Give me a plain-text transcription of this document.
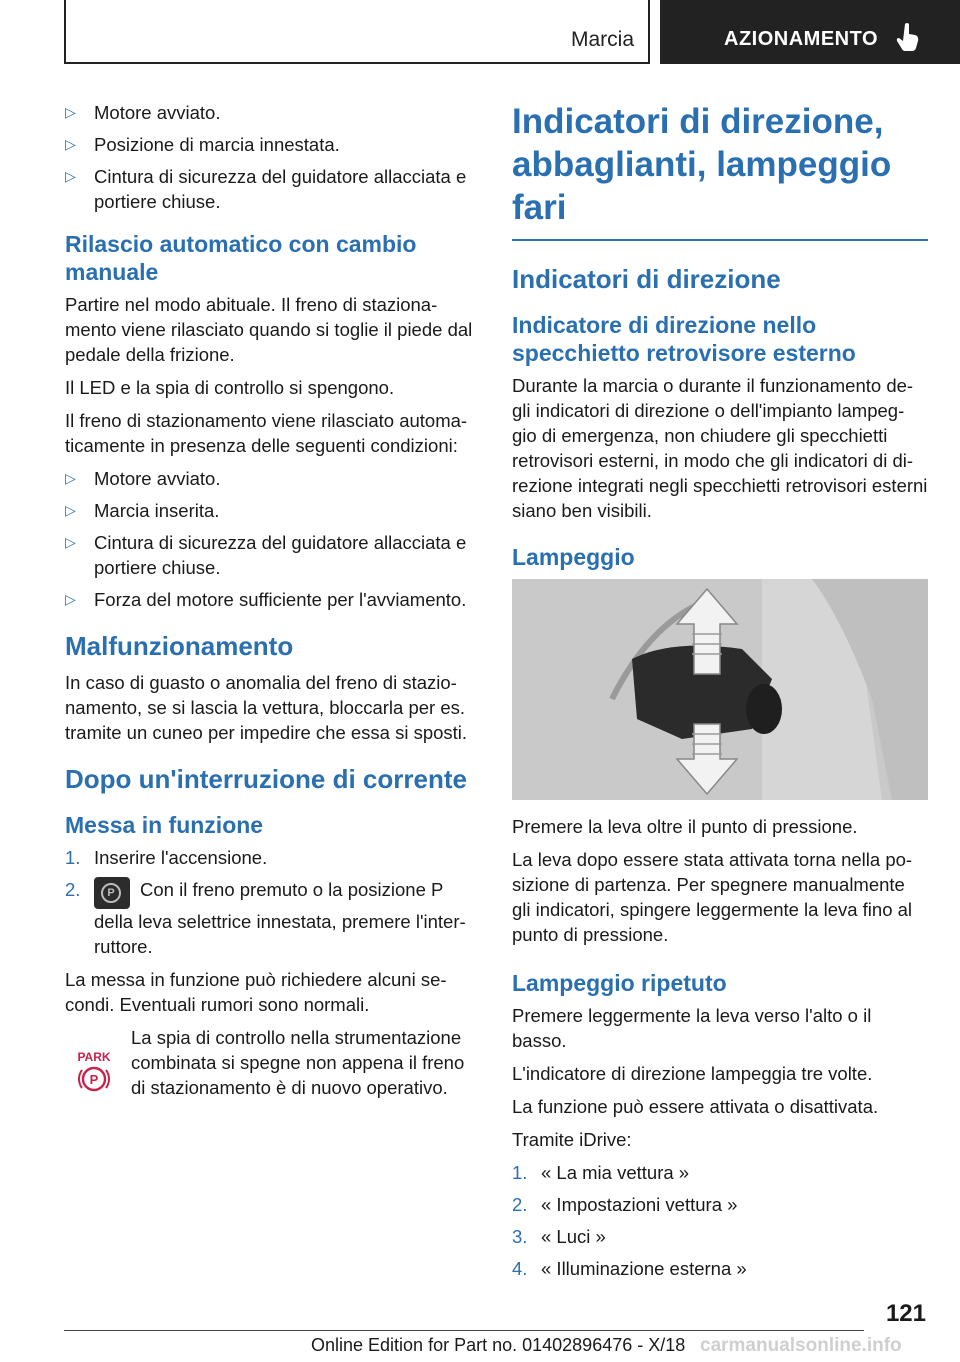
Marcia	AZIONAMENTO
▷ Motore avviato.
▷ Posizione di marcia innestata.
▷ Cintura di sicurezza del guidatore allacciata e portiere chiuse.
Rilascio automatico con cambio manuale

Partire nel modo abituale. Il freno di staziona-mento viene rilasciato quando si toglie il piede dal pedale della frizione.

Il LED e la spia di controllo si spengono.

Il freno di stazionamento viene rilasciato automa-ticamente in presenza delle seguenti condizioni:

▷ Motore avviato.
▷ Marcia inserita.
▷ Cintura di sicurezza del guidatore allacciata e portiere chiuse.
▷ Forza del motore sufficiente per l'avviamento.
Malfunzionamento

In caso di guasto o anomalia del freno di stazio-namento, se si lascia la vettura, bloccarla per es. tramite un cuneo per impedire che essa si sposti.

Dopo un'interruzione di corrente
Messa in funzione
1. Inserire l'accensione.
2.	P	Con il freno premuto o la posizione P della leva selettrice innestata, premere l'inter-ruttore.

La messa in funzione può richiedere alcuni se-condi. Eventuali rumori sono normali.

PARK
P

La spia di controllo nella strumentazione combinata si spegne non appena il freno di stazionamento è di nuovo operativo.

Indicatori di direzione, abbaglianti, lampeggio fari
Indicatori di direzione
Indicatore di direzione nello specchietto retrovisore esterno

Durante la marcia o durante il funzionamento de-gli indicatori di direzione o dell'impianto lampeg-gio di emergenza, non chiudere gli specchietti retrovisori esterni, in modo che gli indicatori di di-rezione integrati negli specchietti retrovisori esterni siano ben visibili.

Lampeggio

Premere la leva oltre il punto di pressione.

La leva dopo essere stata attivata torna nella po-sizione di partenza. Per spegnere manualmente gli indicatori, spingere leggermente la leva fino al punto di pressione.

Lampeggio ripetuto

Premere leggermente la leva verso l'alto o il basso.

L'indicatore di direzione lampeggia tre volte.

La funzione può essere attivata o disattivata.

Tramite iDrive:

1. « La mia vettura »
2. « Impostazioni vettura »
3. « Luci »
4. « Illuminazione esterna »
121
Online Edition for Part no. 01402896476 - X/18 carmanualsonline.info
